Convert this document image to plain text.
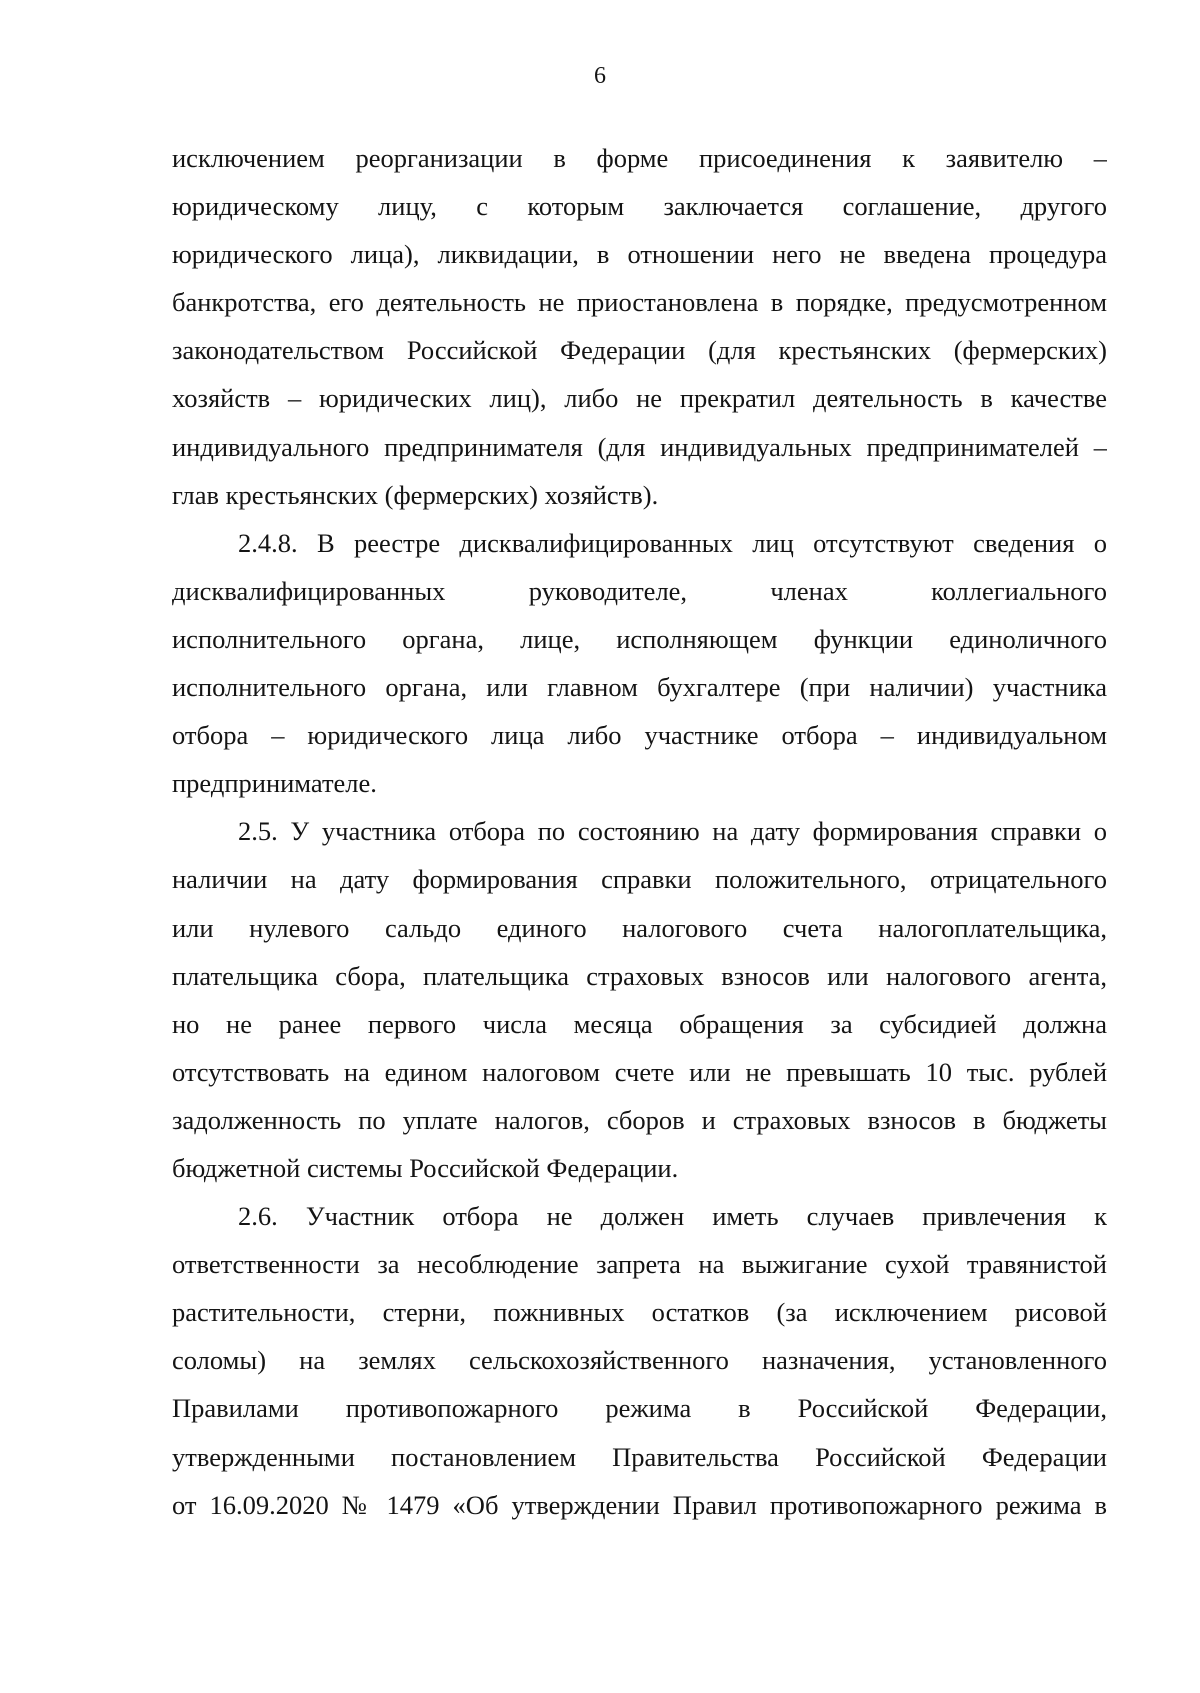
6
исключением реорганизации в форме присоединения к заявителю –
юридическому лицу, с которым заключается соглашение, другого
юридического лица), ликвидации, в отношении него не введена процедура
банкротства, его деятельность не приостановлена в порядке, предусмотренном
законодательством Российской Федерации (для крестьянских (фермерских)
хозяйств – юридических лиц), либо не прекратил деятельность в качестве
индивидуального предпринимателя (для индивидуальных предпринимателей –
глав крестьянских (фермерских) хозяйств).
2.4.8. В реестре дисквалифицированных лиц отсутствуют сведения о
дисквалифицированных руководителе, членах коллегиального
исполнительного органа, лице, исполняющем функции единоличного
исполнительного органа, или главном бухгалтере (при наличии) участника
отбора – юридического лица либо участнике отбора – индивидуальном
предпринимателе.
2.5. У участника отбора по состоянию на дату формирования справки о
наличии на дату формирования справки положительного, отрицательного
или нулевого сальдо единого налогового счета налогоплательщика,
плательщика сбора, плательщика страховых взносов или налогового агента,
но не ранее первого числа месяца обращения за субсидией должна
отсутствовать на едином налоговом счете или не превышать 10 тыс. рублей
задолженность по уплате налогов, сборов и страховых взносов в бюджеты
бюджетной системы Российской Федерации.
2.6. Участник отбора не должен иметь случаев привлечения к
ответственности за несоблюдение запрета на выжигание сухой травянистой
растительности, стерни, пожнивных остатков (за исключением рисовой
соломы) на землях сельскохозяйственного назначения, установленного
Правилами противопожарного режима в Российской Федерации,
утвержденными постановлением Правительства Российской Федерации
от 16.09.2020 № 1479 «Об утверждении Правил противопожарного режима в
